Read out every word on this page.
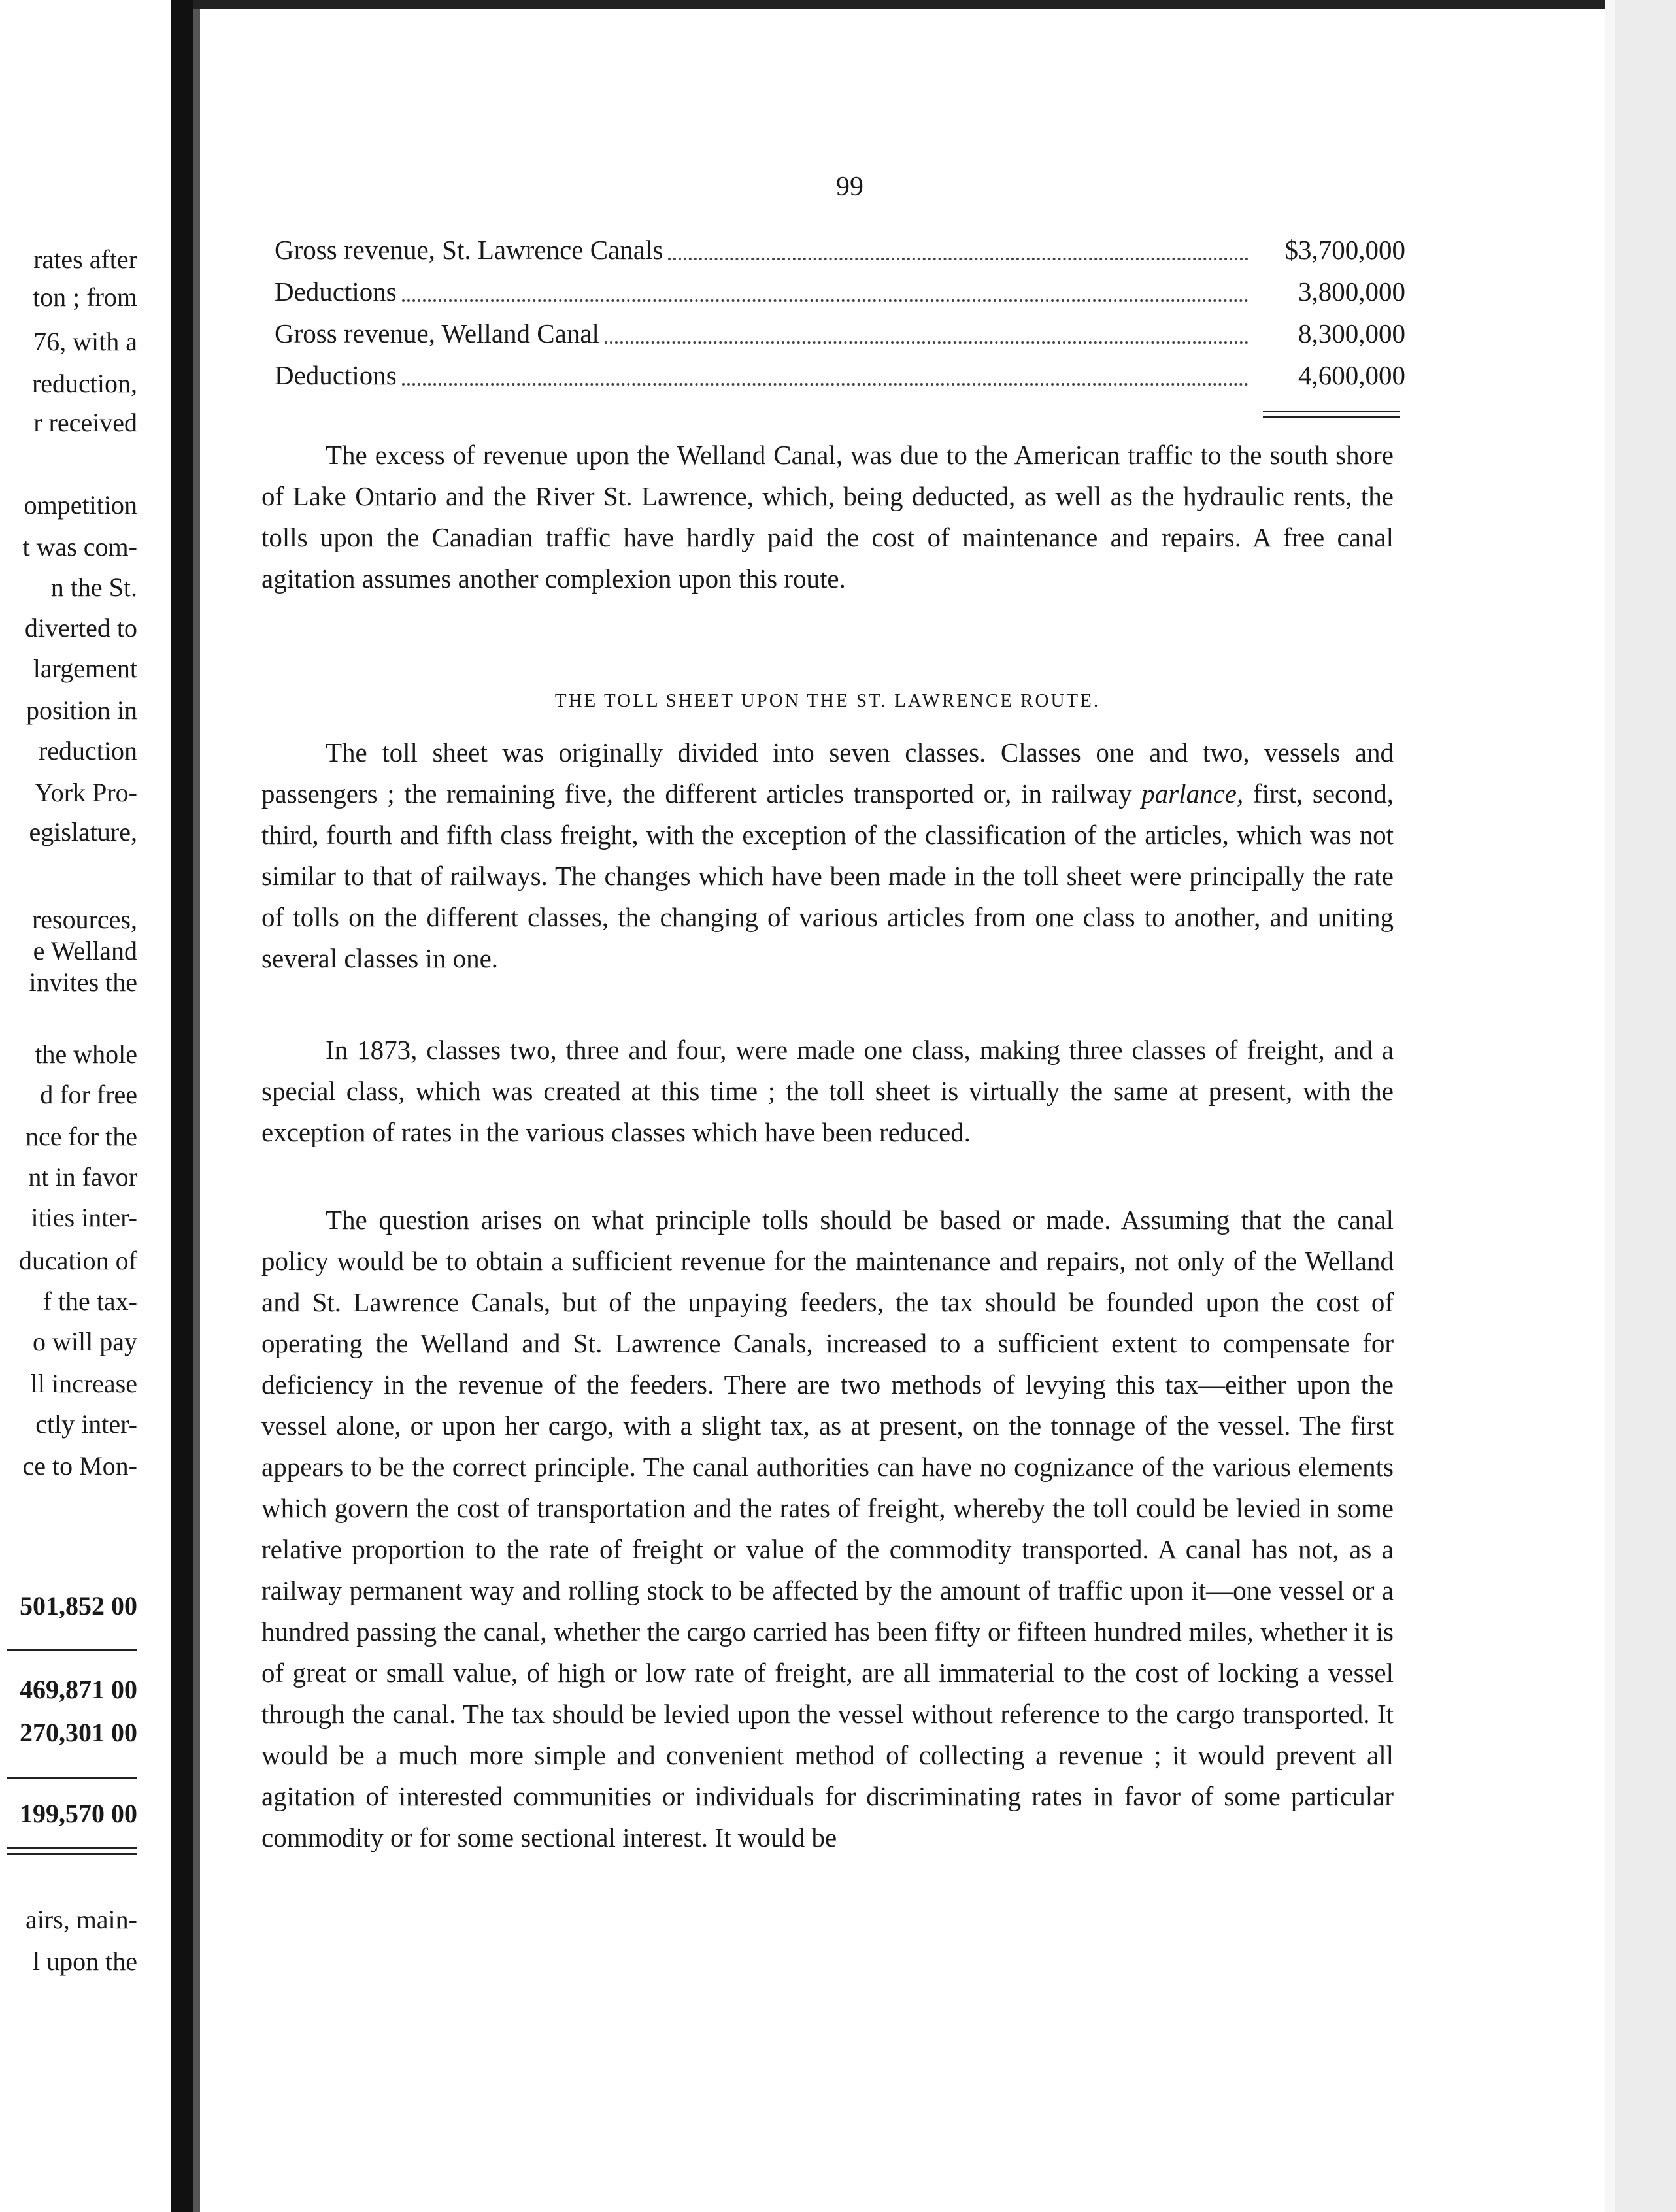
rates after
ton ; from
76, with a
reduction,
r received
ompetition
t was com-
n the St.
diverted to
largement
position in
reduction
York Pro-
egislature,
resources,
e Welland
invites the
the whole
d for free
nce for the
nt in favor
ities inter-
ducation of
f the tax-
o will pay
ll increase
ctly inter-
ce to Mon-
501,852 00
469,871 00
270,301 00
199,570 00
airs, main-
l upon the
99
Gross revenue, St. Lawrence Canals	$3,700,000
Deductions	3,800,000
Gross revenue, Welland Canal	8,300,000
Deductions	4,600,000

The excess of revenue upon the Welland Canal, was due to the American traffic to the south shore of Lake Ontario and the River St. Lawrence, which, being deducted, as well as the hydraulic rents, the tolls upon the Canadian traffic have hardly paid the cost of maintenance and repairs. A free canal agitation assumes another complexion upon this route.

THE TOLL SHEET UPON THE ST. LAWRENCE ROUTE.

The toll sheet was originally divided into seven classes. Classes one and two, vessels and passengers ; the remaining five, the different articles transported or, in railway parlance, first, second, third, fourth and fifth class freight, with the exception of the classification of the articles, which was not similar to that of railways. The changes which have been made in the toll sheet were principally the rate of tolls on the different classes, the changing of various articles from one class to another, and uniting several classes in one.

In 1873, classes two, three and four, were made one class, making three classes of freight, and a special class, which was created at this time ; the toll sheet is virtually the same at present, with the exception of rates in the various classes which have been reduced.

The question arises on what principle tolls should be based or made. Assuming that the canal policy would be to obtain a sufficient revenue for the maintenance and repairs, not only of the Welland and St. Lawrence Canals, but of the unpaying feeders, the tax should be founded upon the cost of operating the Welland and St. Lawrence Canals, increased to a sufficient extent to compensate for deficiency in the revenue of the feeders. There are two methods of levying this tax—either upon the vessel alone, or upon her cargo, with a slight tax, as at present, on the tonnage of the vessel. The first appears to be the correct principle. The canal authorities can have no cognizance of the various elements which govern the cost of transportation and the rates of freight, whereby the toll could be levied in some relative proportion to the rate of freight or value of the commodity transported. A canal has not, as a railway permanent way and rolling stock to be affected by the amount of traffic upon it—one vessel or a hundred passing the canal, whether the cargo carried has been fifty or fifteen hundred miles, whether it is of great or small value, of high or low rate of freight, are all immaterial to the cost of locking a vessel through the canal. The tax should be levied upon the vessel without reference to the cargo transported. It would be a much more simple and convenient method of collecting a revenue ; it would prevent all agitation of interested communities or individuals for discriminating rates in favor of some particular commodity or for some sectional interest. It would be
